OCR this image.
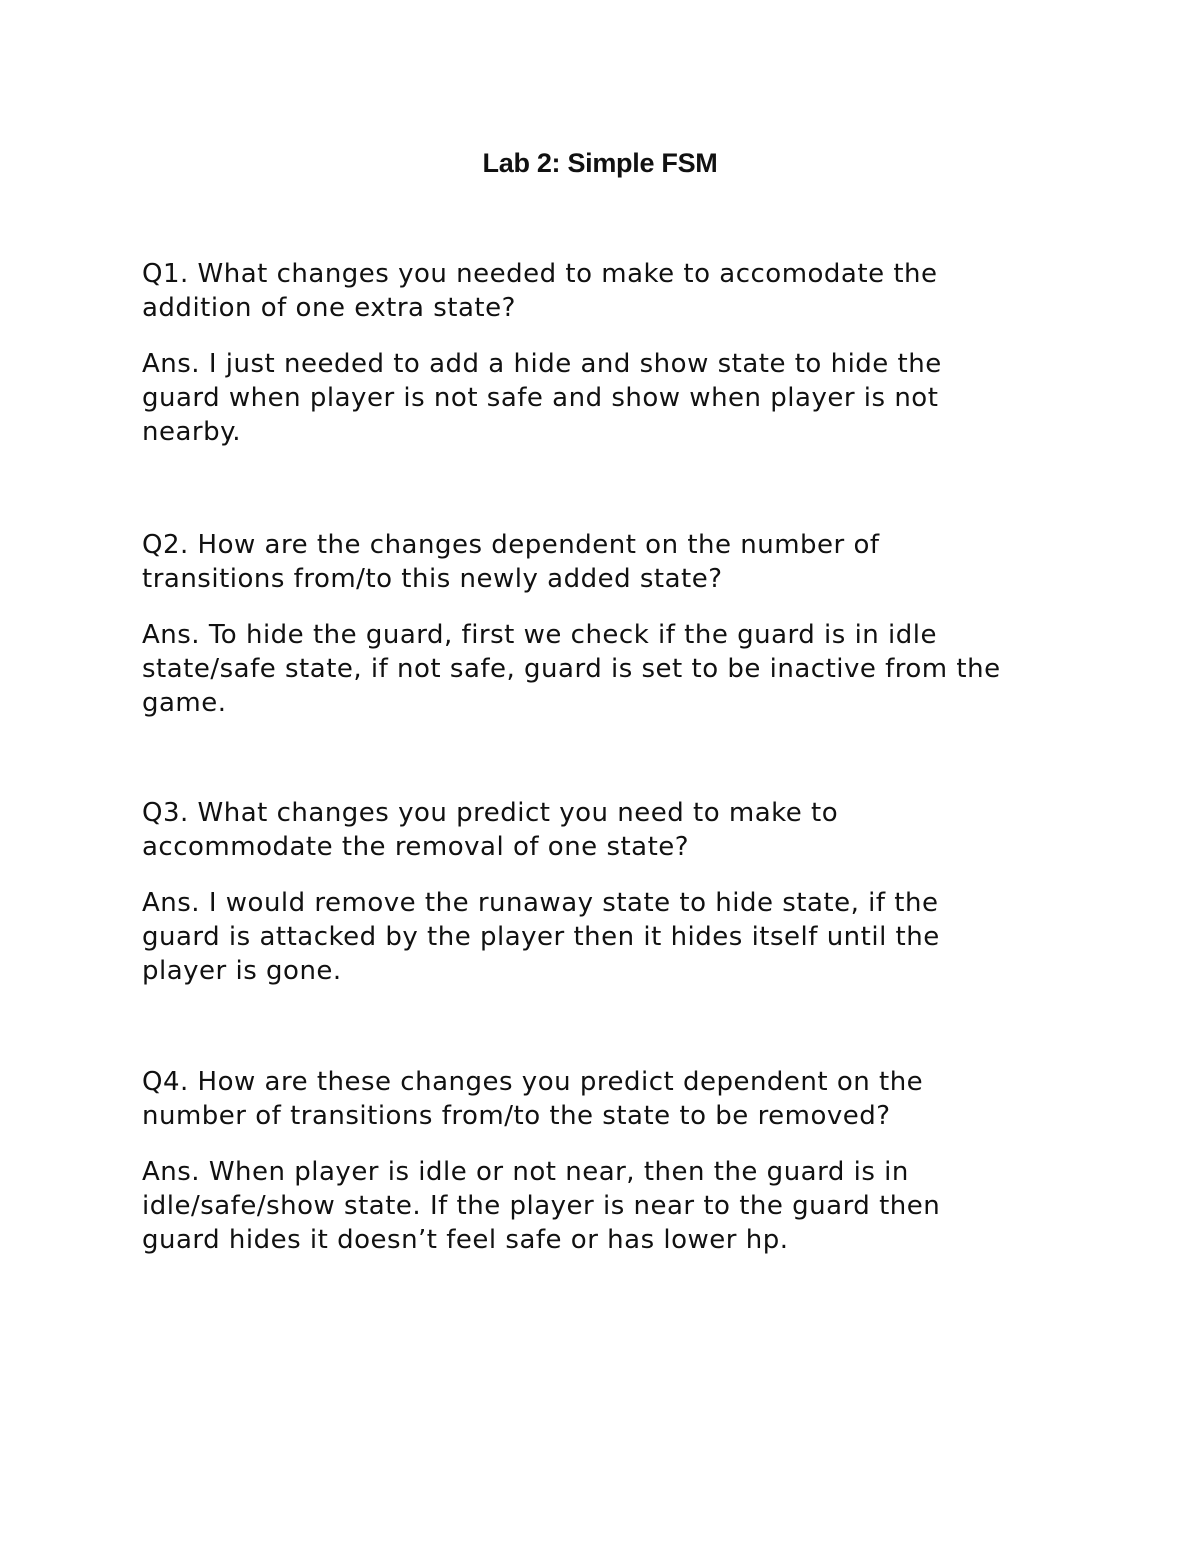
Lab 2: Simple FSM

Q1. What changes you needed to make to accomodate the addition of one extra state?

Ans. I just needed to add a hide and show state to hide the guard when player is not safe and show when player is not nearby.

Q2. How are the changes dependent on the number of transitions from/to this newly added state?

Ans. To hide the guard, first we check if the guard is in idle state/safe state, if not safe, guard is set to be inactive from the game.

Q3. What changes you predict you need to make to accommodate the removal of one state?

Ans. I would remove the runaway state to hide state, if the guard is attacked by the player then it hides itself until the player is gone.

Q4. How are these changes you predict dependent on the number of transitions from/to the state to be removed?

Ans. When player is idle or not near, then the guard is in idle/safe/show state. If the player is near to the guard then guard hides it doesn’t feel safe or has lower hp.
